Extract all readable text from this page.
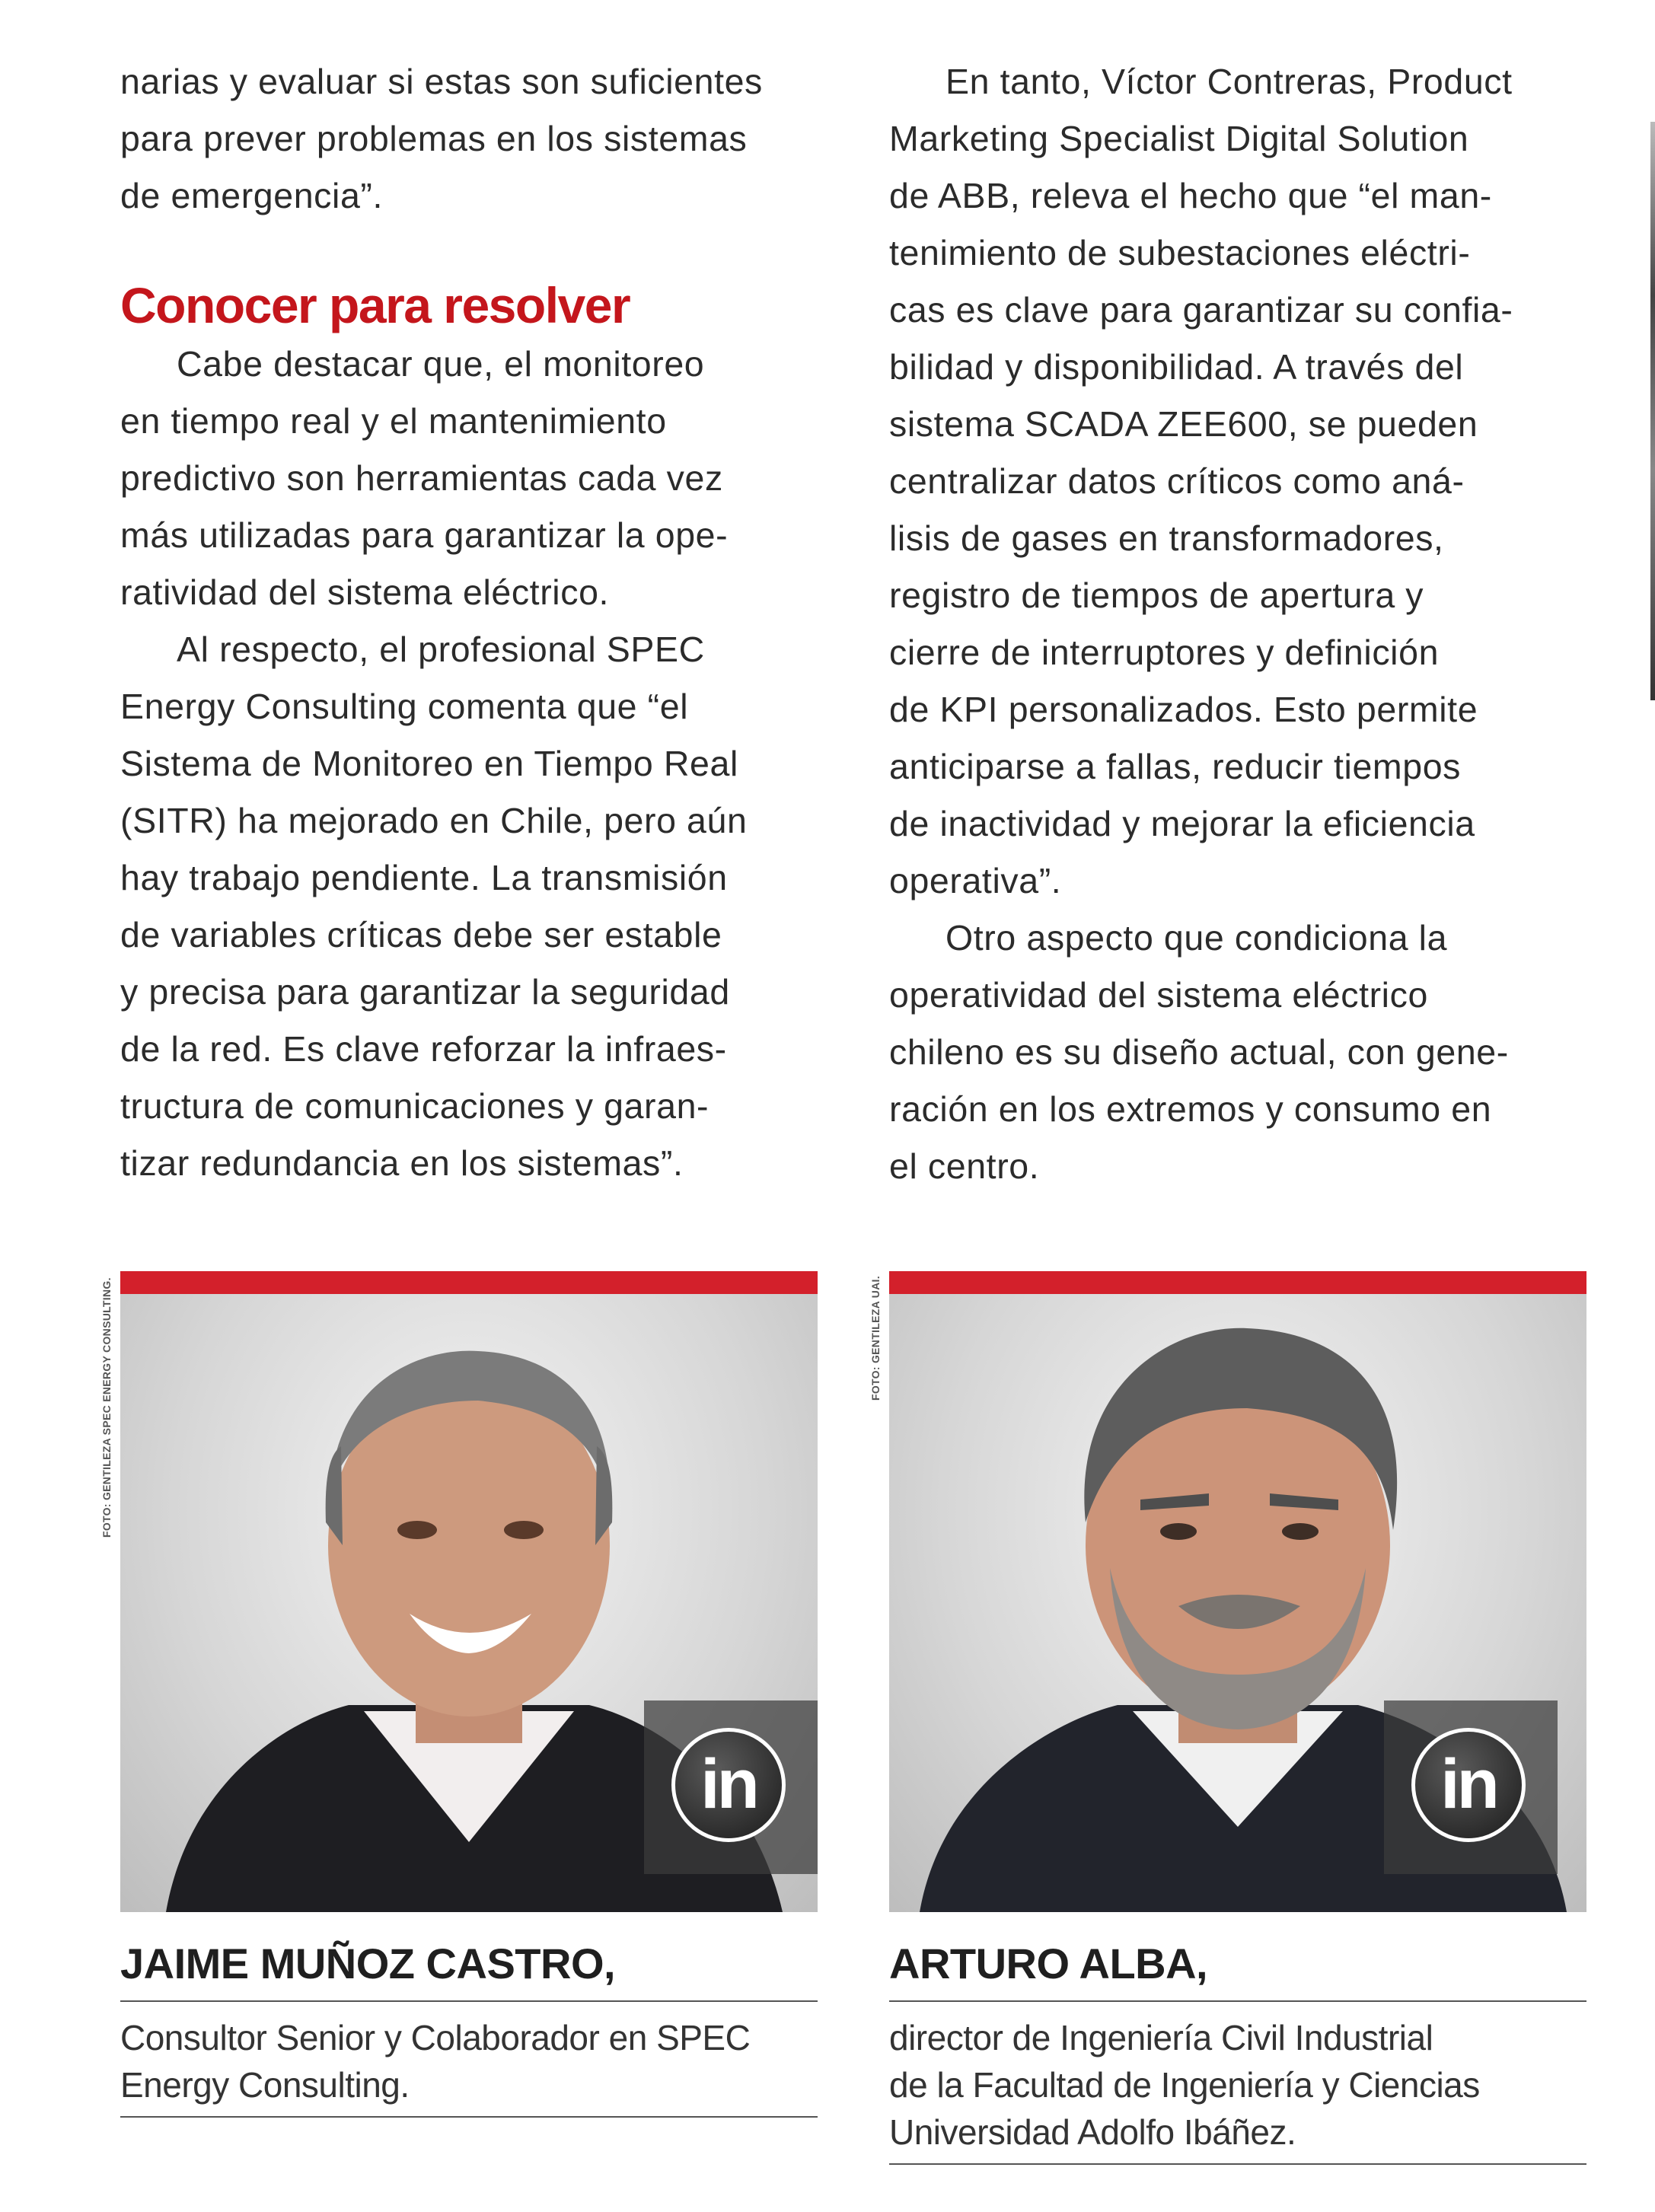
narias y evaluar si estas son suficientes
para prever problemas en los sistemas
de emergencia”.

Conocer para resolver

Cabe destacar que, el monitoreo
en tiempo real y el mantenimiento
predictivo son herramientas cada vez
más utilizadas para garantizar la ope-
ratividad del sistema eléctrico.

Al respecto, el profesional SPEC
Energy Consulting comenta que “el
Sistema de Monitoreo en Tiempo Real
(SITR) ha mejorado en Chile, pero aún
hay trabajo pendiente. La transmisión
de variables críticas debe ser estable
y precisa para garantizar la seguridad
de la red. Es clave reforzar la infraes-
tructura de comunicaciones y garan-
tizar redundancia en los sistemas”.

En tanto, Víctor Contreras, Product
Marketing Specialist Digital Solution
de ABB, releva el hecho que “el man-
tenimiento de subestaciones eléctri-
cas es clave para garantizar su confia-
bilidad y disponibilidad. A través del
sistema SCADA ZEE600, se pueden
centralizar datos críticos como aná-
lisis de gases en transformadores,
registro de tiempos de apertura y
cierre de interruptores y definición
de KPI personalizados. Esto permite
anticiparse a fallas, reducir tiempos
de inactividad y mejorar la eficiencia
operativa”.

Otro aspecto que condiciona la
operatividad del sistema eléctrico
chileno es su diseño actual, con gene-
ración en los extremos y consumo en
el centro.

FOTO: GENTILEZA SPEC ENERGY CONSULTING.	FOTO: GENTILEZA UAI.
in
JAIME MUÑOZ CASTRO,

Consultor Senior y Colaborador en SPEC
Energy Consulting.

in
ARTURO ALBA,

director de Ingeniería Civil Industrial
de la Facultad de Ingeniería y Ciencias
Universidad Adolfo Ibáñez.
